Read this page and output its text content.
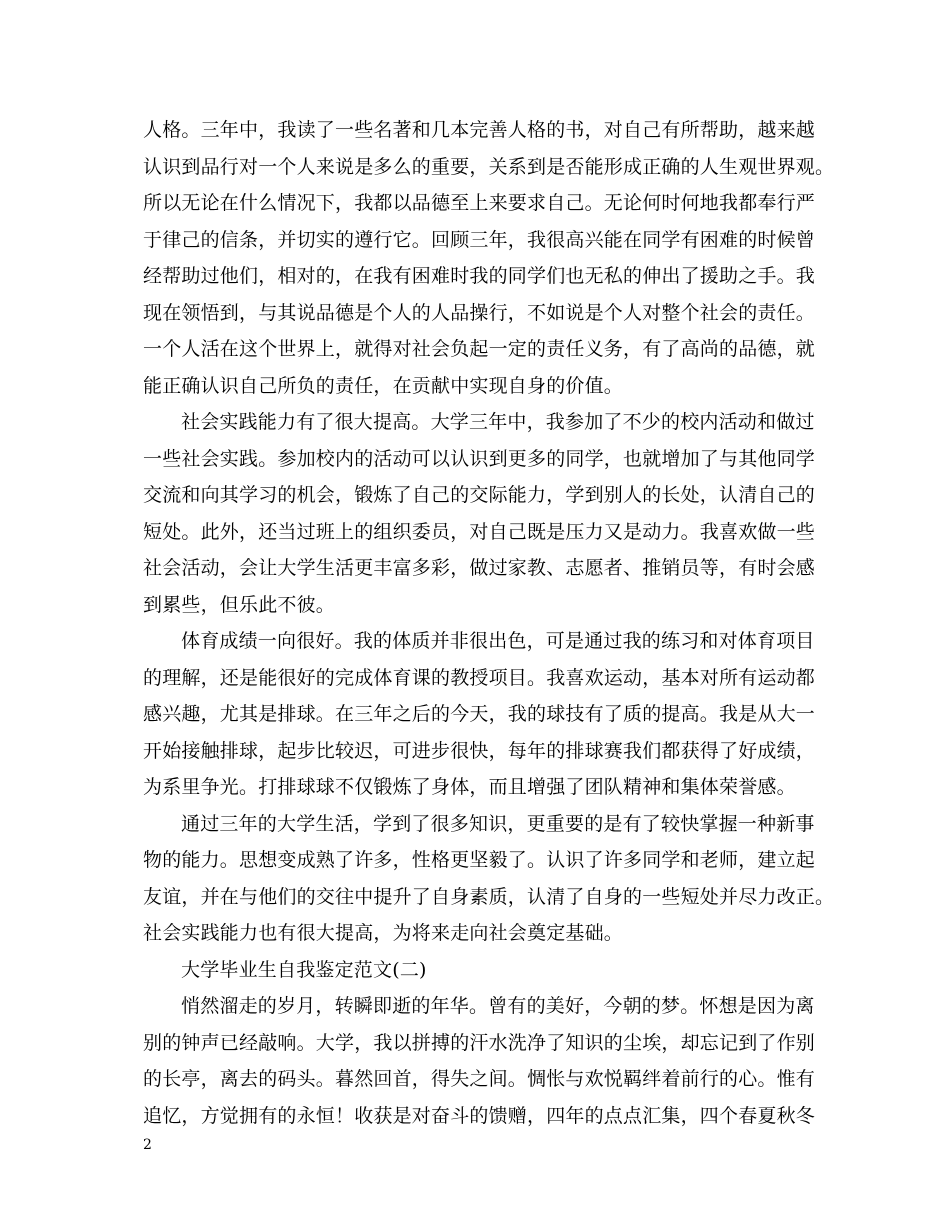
人格。三年中，我读了一些名著和几本完善人格的书，对自己有所帮助，越来越
认识到品行对一个人来说是多么的重要，关系到是否能形成正确的人生观世界观。
所以无论在什么情况下，我都以品德至上来要求自己。无论何时何地我都奉行严
于律己的信条，并切实的遵行它。回顾三年，我很高兴能在同学有困难的时候曾
经帮助过他们，相对的，在我有困难时我的同学们也无私的伸出了援助之手。我
现在领悟到，与其说品德是个人的人品操行，不如说是个人对整个社会的责任。
一个人活在这个世界上，就得对社会负起一定的责任义务，有了高尚的品德，就
能正确认识自己所负的责任，在贡献中实现自身的价值。
社会实践能力有了很大提高。大学三年中，我参加了不少的校内活动和做过
一些社会实践。参加校内的活动可以认识到更多的同学，也就增加了与其他同学
交流和向其学习的机会，锻炼了自己的交际能力，学到别人的长处，认清自己的
短处。此外，还当过班上的组织委员，对自己既是压力又是动力。我喜欢做一些
社会活动，会让大学生活更丰富多彩，做过家教、志愿者、推销员等，有时会感
到累些，但乐此不彼。
体育成绩一向很好。我的体质并非很出色，可是通过我的练习和对体育项目
的理解，还是能很好的完成体育课的教授项目。我喜欢运动，基本对所有运动都
感兴趣，尤其是排球。在三年之后的今天，我的球技有了质的提高。我是从大一
开始接触排球，起步比较迟，可进步很快，每年的排球赛我们都获得了好成绩，
为系里争光。打排球球不仅锻炼了身体，而且增强了团队精神和集体荣誉感。
通过三年的大学生活，学到了很多知识，更重要的是有了较快掌握一种新事
物的能力。思想变成熟了许多，性格更坚毅了。认识了许多同学和老师，建立起
友谊，并在与他们的交往中提升了自身素质，认清了自身的一些短处并尽力改正。
社会实践能力也有很大提高，为将来走向社会奠定基础。
大学毕业生自我鉴定范文(二)
悄然溜走的岁月，转瞬即逝的年华。曾有的美好，今朝的梦。怀想是因为离
别的钟声已经敲响。大学，我以拼搏的汗水洗净了知识的尘埃，却忘记到了作别
的长亭，离去的码头。暮然回首，得失之间。惆怅与欢悦羁绊着前行的心。惟有
追忆，方觉拥有的永恒！收获是对奋斗的馈赠，四年的点点汇集，四个春夏秋冬
2
